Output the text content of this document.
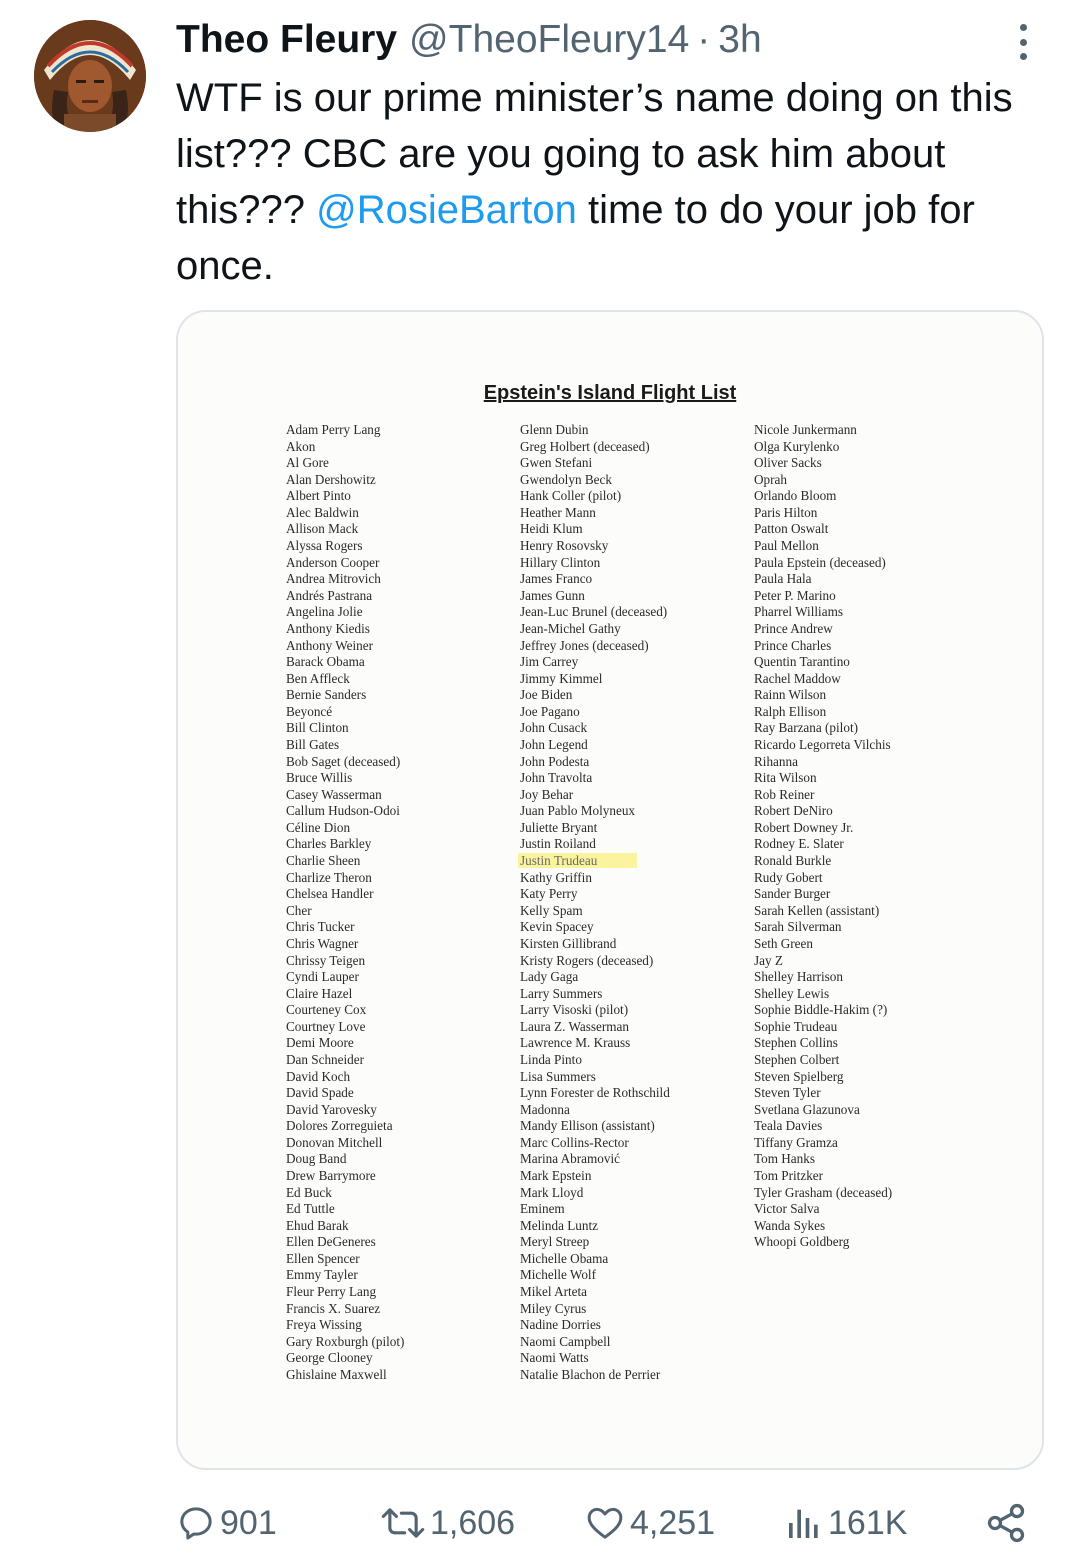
Theo Fleury @TheoFleury14 · 3h
WTF is our prime minister’s name doing on this list??? CBC are you going to ask him about this??? @RosieBarton time to do your job for once.
Epstein's Island Flight List
Adam Perry Lang
Akon
Al Gore
Alan Dershowitz
Albert Pinto
Alec Baldwin
Allison Mack
Alyssa Rogers
Anderson Cooper
Andrea Mitrovich
Andrés Pastrana
Angelina Jolie
Anthony Kiedis
Anthony Weiner
Barack Obama
Ben Affleck
Bernie Sanders
Beyoncé
Bill Clinton
Bill Gates
Bob Saget (deceased)
Bruce Willis
Casey Wasserman
Callum Hudson-Odoi
Céline Dion
Charles Barkley
Charlie Sheen
Charlize Theron
Chelsea Handler
Cher
Chris Tucker
Chris Wagner
Chrissy Teigen
Cyndi Lauper
Claire Hazel
Courteney Cox
Courtney Love
Demi Moore
Dan Schneider
David Koch
David Spade
David Yarovesky
Dolores Zorreguieta
Donovan Mitchell
Doug Band
Drew Barrymore
Ed Buck
Ed Tuttle
Ehud Barak
Ellen DeGeneres
Ellen Spencer
Emmy Tayler
Fleur Perry Lang
Francis X. Suarez
Freya Wissing
Gary Roxburgh (pilot)
George Clooney
Ghislaine Maxwell
Glenn Dubin
Greg Holbert (deceased)
Gwen Stefani
Gwendolyn Beck
Hank Coller (pilot)
Heather Mann
Heidi Klum
Henry Rosovsky
Hillary Clinton
James Franco
James Gunn
Jean-Luc Brunel (deceased)
Jean-Michel Gathy
Jeffrey Jones (deceased)
Jim Carrey
Jimmy Kimmel
Joe Biden
Joe Pagano
John Cusack
John Legend
John Podesta
John Travolta
Joy Behar
Juan Pablo Molyneux
Juliette Bryant
Justin Roiland
Justin Trudeau
Kathy Griffin
Katy Perry
Kelly Spam
Kevin Spacey
Kirsten Gillibrand
Kristy Rogers (deceased)
Lady Gaga
Larry Summers
Larry Visoski (pilot)
Laura Z. Wasserman
Lawrence M. Krauss
Linda Pinto
Lisa Summers
Lynn Forester de Rothschild
Madonna
Mandy Ellison (assistant)
Marc Collins-Rector
Marina Abramović
Mark Epstein
Mark Lloyd
Eminem
Melinda Luntz
Meryl Streep
Michelle Obama
Michelle Wolf
Mikel Arteta
Miley Cyrus
Nadine Dorries
Naomi Campbell
Naomi Watts
Natalie Blachon de Perrier
Nicole Junkermann
Olga Kurylenko
Oliver Sacks
Oprah
Orlando Bloom
Paris Hilton
Patton Oswalt
Paul Mellon
Paula Epstein (deceased)
Paula Hala
Peter P. Marino
Pharrel Williams
Prince Andrew
Prince Charles
Quentin Tarantino
Rachel Maddow
Rainn Wilson
Ralph Ellison
Ray Barzana (pilot)
Ricardo Legorreta Vilchis
Rihanna
Rita Wilson
Rob Reiner
Robert DeNiro
Robert Downey Jr.
Rodney E. Slater
Ronald Burkle
Rudy Gobert
Sander Burger
Sarah Kellen (assistant)
Sarah Silverman
Seth Green
Jay Z
Shelley Harrison
Shelley Lewis
Sophie Biddle-Hakim (?)
Sophie Trudeau
Stephen Collins
Stephen Colbert
Steven Spielberg
Steven Tyler
Svetlana Glazunova
Teala Davies
Tiffany Gramza
Tom Hanks
Tom Pritzker
Tyler Grasham (deceased)
Victor Salva
Wanda Sykes
Whoopi Goldberg
901	1,606	4,251	161K
